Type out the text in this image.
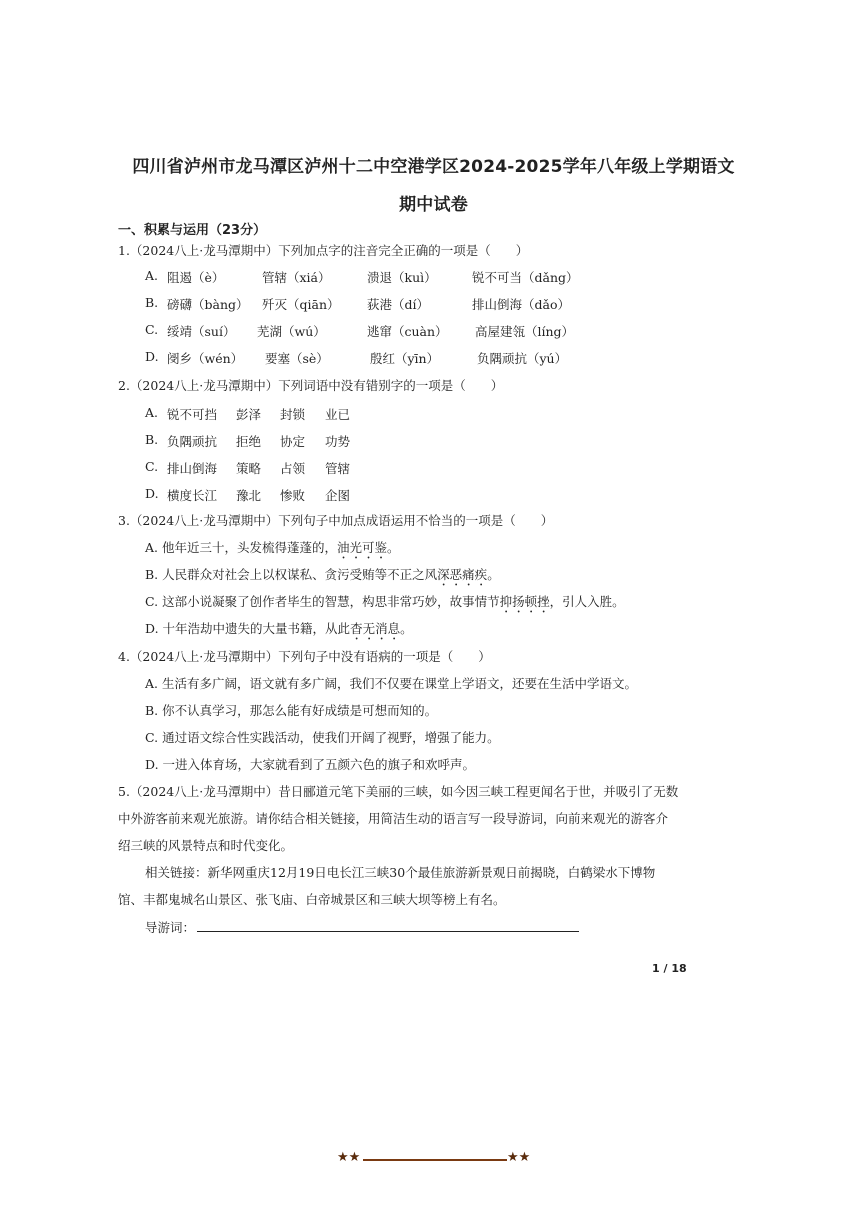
四川省泸州市龙马潭区泸州十二中空港学区2024-2025学年八年级上学期语文
期中试卷
一、积累与运用（23分）
1.（2024八上·龙马潭期中）下列加点字的注音完全正确的一项是（　　）
A. 阻遏（è）	管辖（xiá）	溃退（kuì）	锐不可当（dǎng）
B. 磅礴（bàng） 歼灭（qiān） 荻港（dí）	排山倒海（dǎo）
C. 绥靖（suí） 芜湖（wú）	逃窜（cuàn） 高屋建瓴（líng）
D. 阌乡（wén） 要塞（sè）	殷红（yīn）	负隅顽抗（yú）
2.（2024八上·龙马潭期中）下列词语中没有错别字的一项是（　　）
A. 锐不可挡 彭泽 封锁 业已
B. 负隅顽抗 拒绝 协定 功势
C. 排山倒海 策略 占领 管辖
D. 横度长江 豫北 惨败 企图
3.（2024八上·龙马潭期中）下列句子中加点成语运用不恰当的一项是（　　）
A. 他年近三十，头发梳得蓬蓬的，油光可鉴。
B. 人民群众对社会上以权谋私、贪污受贿等不正之风深恶痛疾。
C. 这部小说凝聚了创作者毕生的智慧，构思非常巧妙，故事情节抑扬顿挫，引人入胜。
D. 十年浩劫中遗失的大量书籍，从此杳无消息。
4.（2024八上·龙马潭期中）下列句子中没有语病的一项是（　　）
A. 生活有多广阔，语文就有多广阔，我们不仅要在课堂上学语文，还要在生活中学语文。
B. 你不认真学习，那怎么能有好成绩是可想而知的。
C. 通过语文综合性实践活动，使我们开阔了视野，增强了能力。
D. 一进入体育场，大家就看到了五颜六色的旗子和欢呼声。
5.（2024八上·龙马潭期中）昔日郦道元笔下美丽的三峡，如今因三峡工程更闻名于世，并吸引了无数
中外游客前来观光旅游。请你结合相关链接，用简洁生动的语言写一段导游词，向前来观光的游客介
绍三峡的风景特点和时代变化。
相关链接：新华网重庆12月19日电长江三峡30个最佳旅游新景观日前揭晓，白鹤梁水下博物
馆、丰都鬼城名山景区、张飞庙、白帝城景区和三峡大坝等榜上有名。
导游词：
1 / 18
★★	★★
